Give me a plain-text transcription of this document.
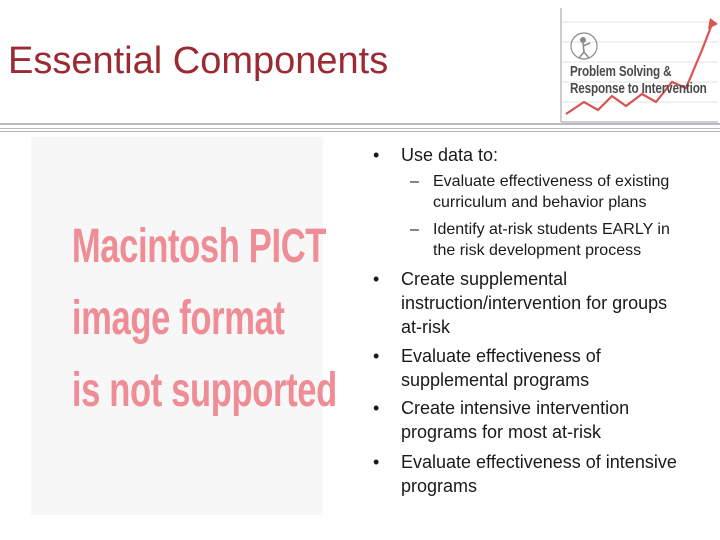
Essential Components	Problem Solving &
Response to Intervention
Macintosh PICT
image format
is not supported
• Use data to:
– Evaluate effectiveness of existing
curriculum and behavior plans
– Identify at-risk students EARLY in
the risk development process
• Create supplemental
instruction/intervention for groups
at-risk
• Evaluate effectiveness of
supplemental programs
• Create intensive intervention
programs for most at-risk
• Evaluate effectiveness of intensive
programs
